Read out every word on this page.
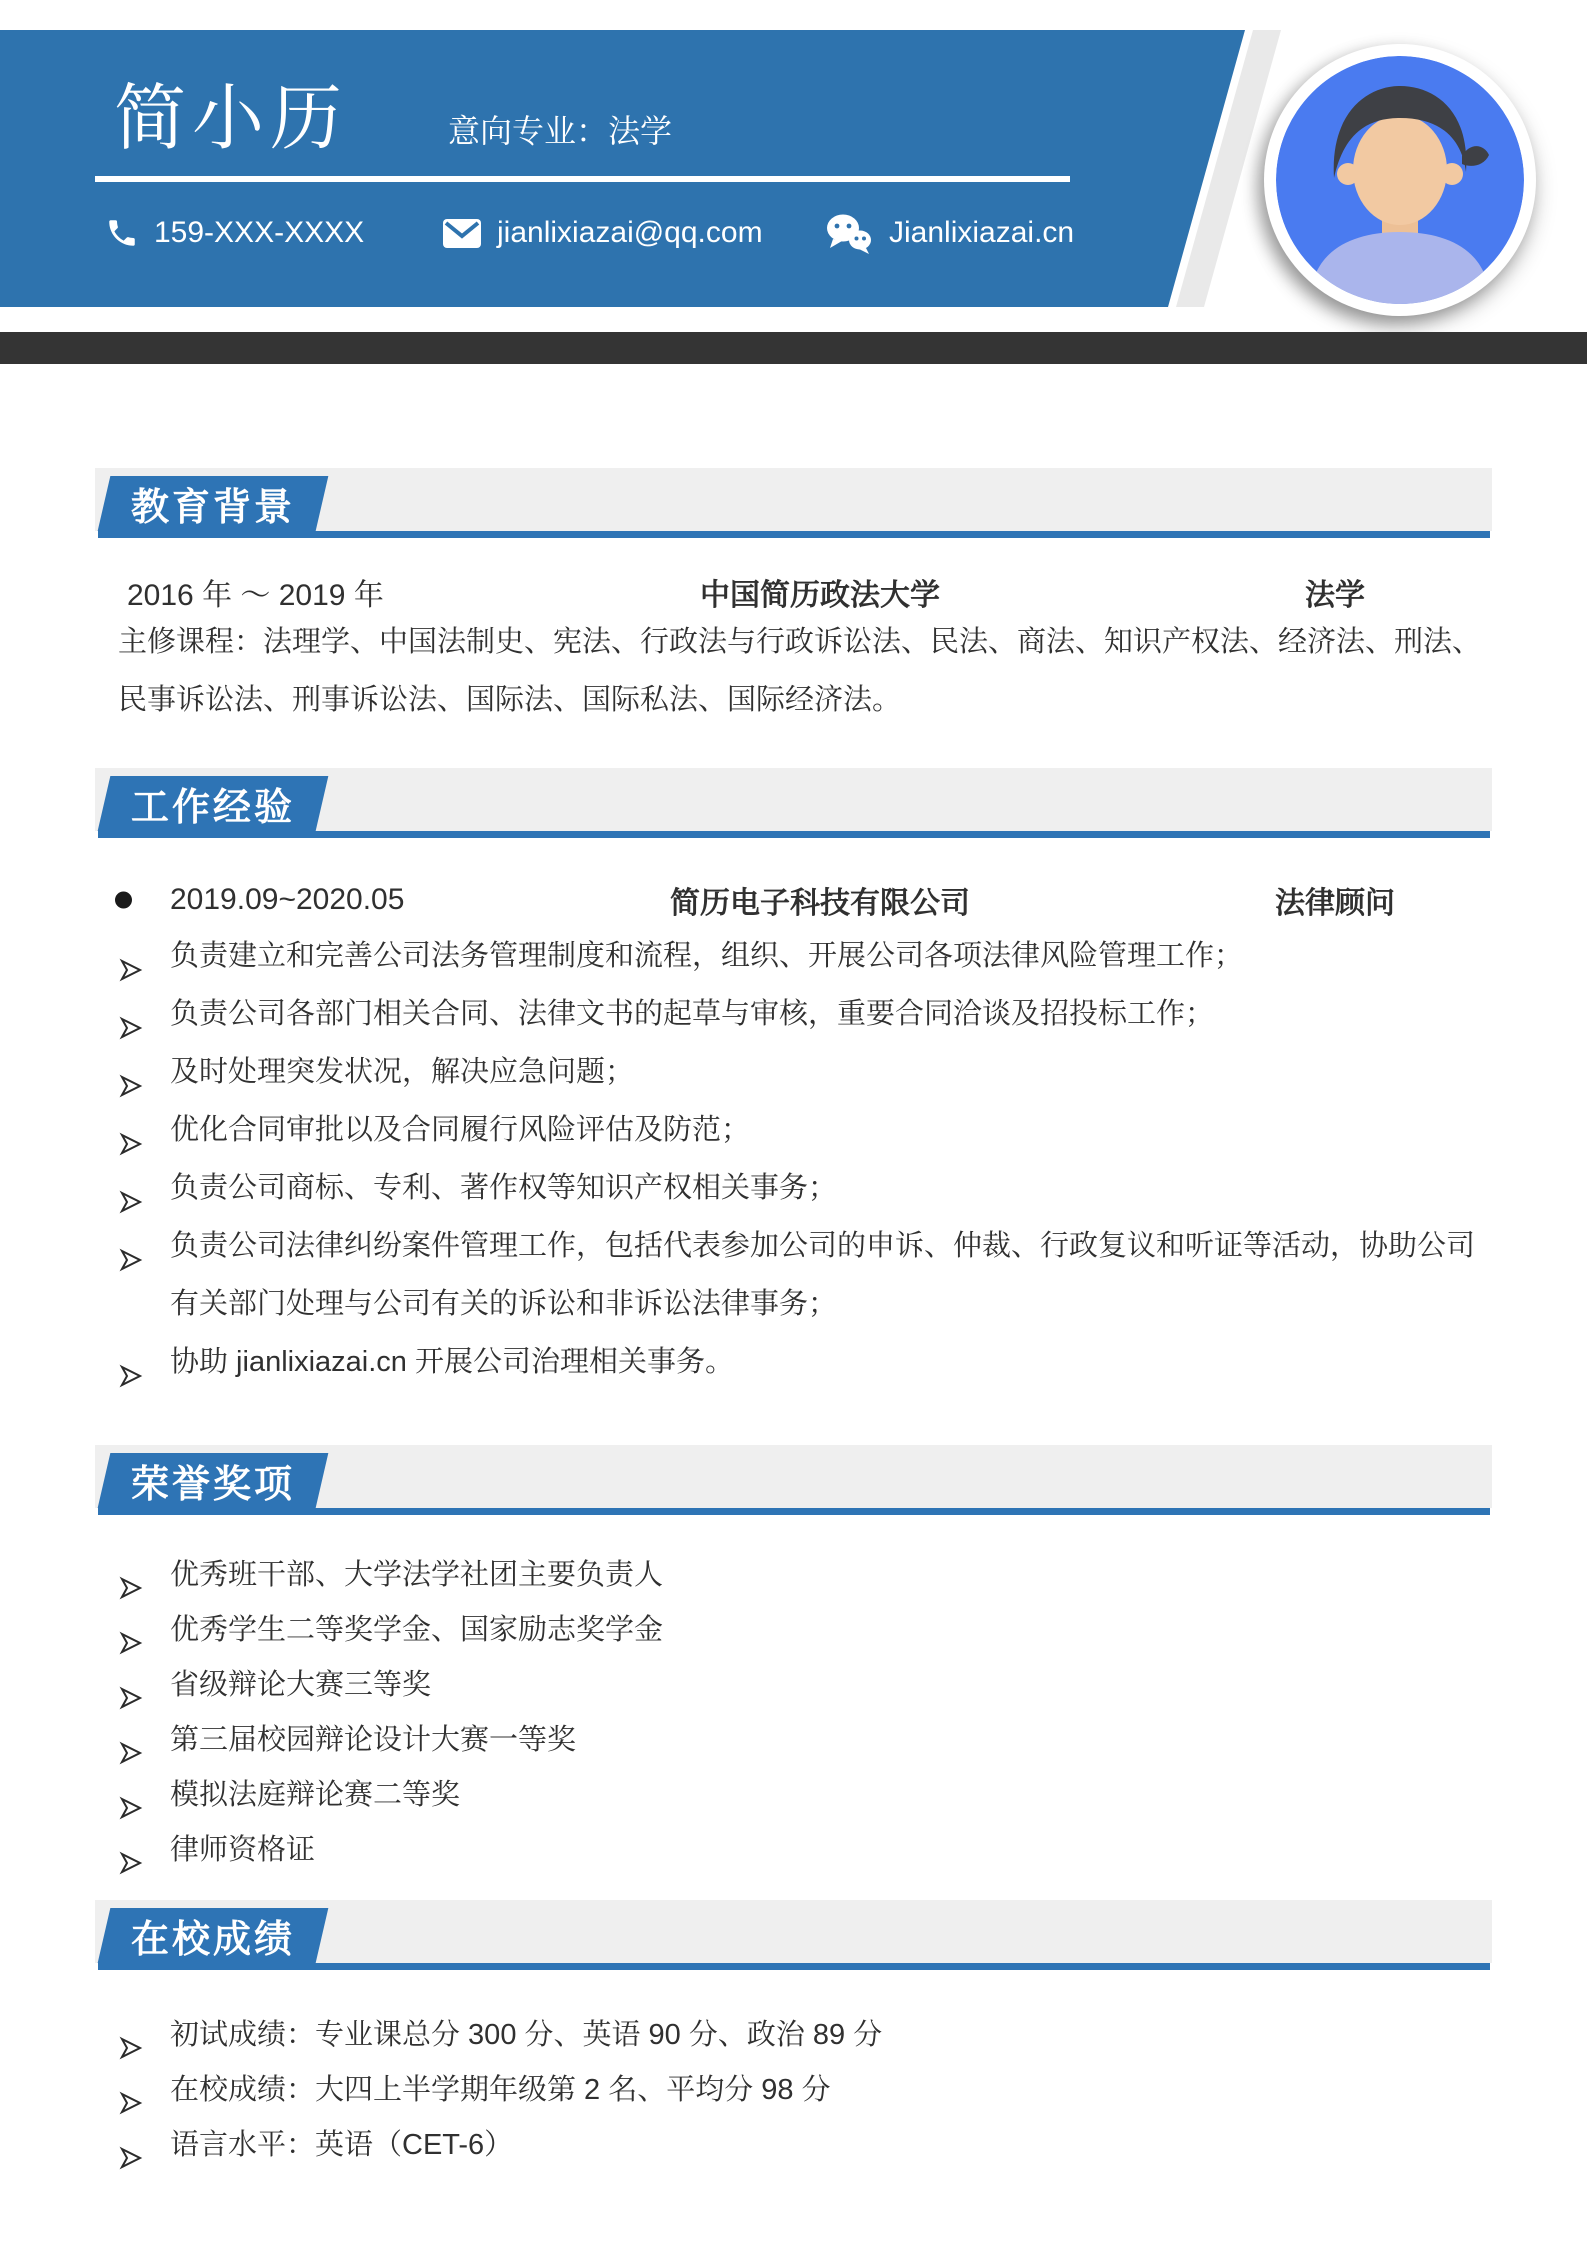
简小历	意向专业：法学
159-XXX-XXXX	jianlixiazai@qq.com	Jianlixiazai.cn
教育背景
2016 年 ～ 2019 年	中国简历政法大学	法学
主修课程：法理学、中国法制史、宪法、行政法与行政诉讼法、民法、商法、知识产权法、经济法、刑法、民事诉讼法、刑事诉讼法、国际法、国际私法、国际经济法。
工作经验
2019.09~2020.05	简历电子科技有限公司	法律顾问
负责建立和完善公司法务管理制度和流程，组织、开展公司各项法律风险管理工作；
负责公司各部门相关合同、法律文书的起草与审核，重要合同洽谈及招投标工作；
及时处理突发状况，解决应急问题；
优化合同审批以及合同履行风险评估及防范；
负责公司商标、专利、著作权等知识产权相关事务；
负责公司法律纠纷案件管理工作，包括代表参加公司的申诉、仲裁、行政复议和听证等活动，协助公司有关部门处理与公司有关的诉讼和非诉讼法律事务；
协助 jianlixiazai.cn 开展公司治理相关事务。
荣誉奖项
优秀班干部、大学法学社团主要负责人
优秀学生二等奖学金、国家励志奖学金
省级辩论大赛三等奖
第三届校园辩论设计大赛一等奖
模拟法庭辩论赛二等奖
律师资格证
在校成绩
初试成绩：专业课总分 300 分、英语 90 分、政治 89 分
在校成绩：大四上半学期年级第 2 名、平均分 98 分
语言水平：英语（CET-6）
